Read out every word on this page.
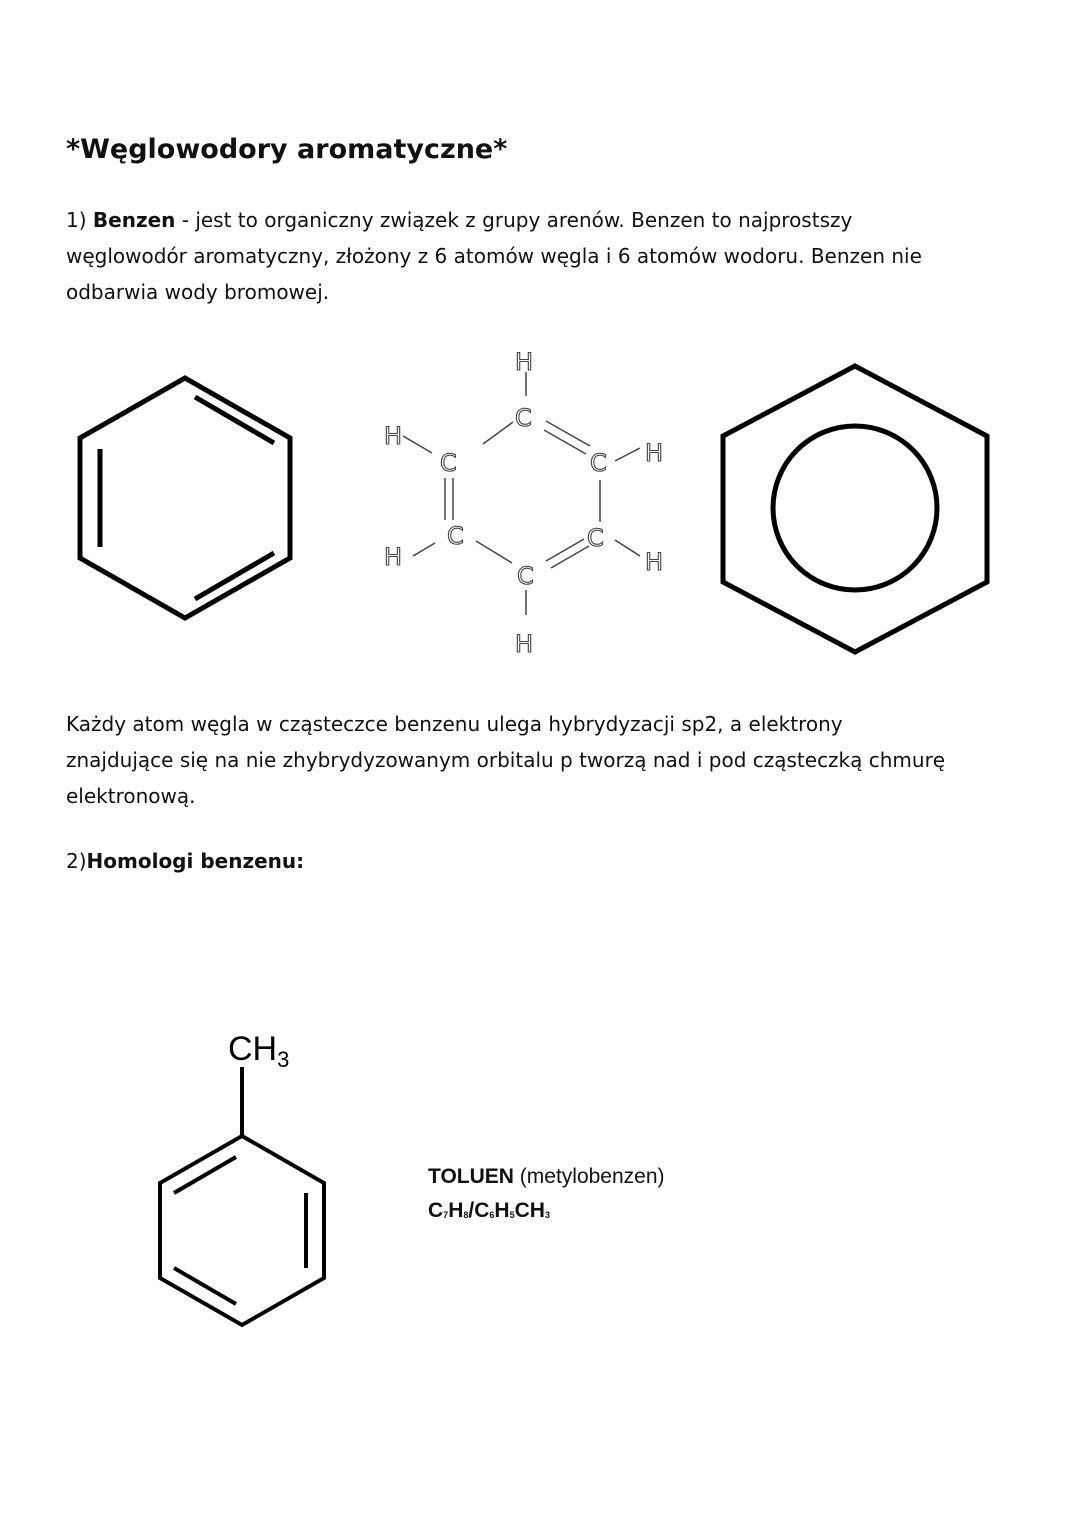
*Węglowodory aromatyczne*
1) Benzen - jest to organiczny związek z grupy arenów. Benzen to najprostszy
węglowodór aromatyczny, złożony z 6 atomów węgla i 6 atomów wodoru. Benzen nie
odbarwia wody bromowej.
H
C
H
C	C H
H
C	C
H
C
H
Każdy atom węgla w cząsteczce benzenu ulega hybrydyzacji sp2, a elektrony
znajdujące się na nie zhybrydyzowanym orbitalu p tworzą nad i pod cząsteczką chmurę
elektronową.
2)Homologi benzenu:
$CH_3$
TOLUEN (metylobenzen)
$C_7H_8/C_6H_5CH_3$
